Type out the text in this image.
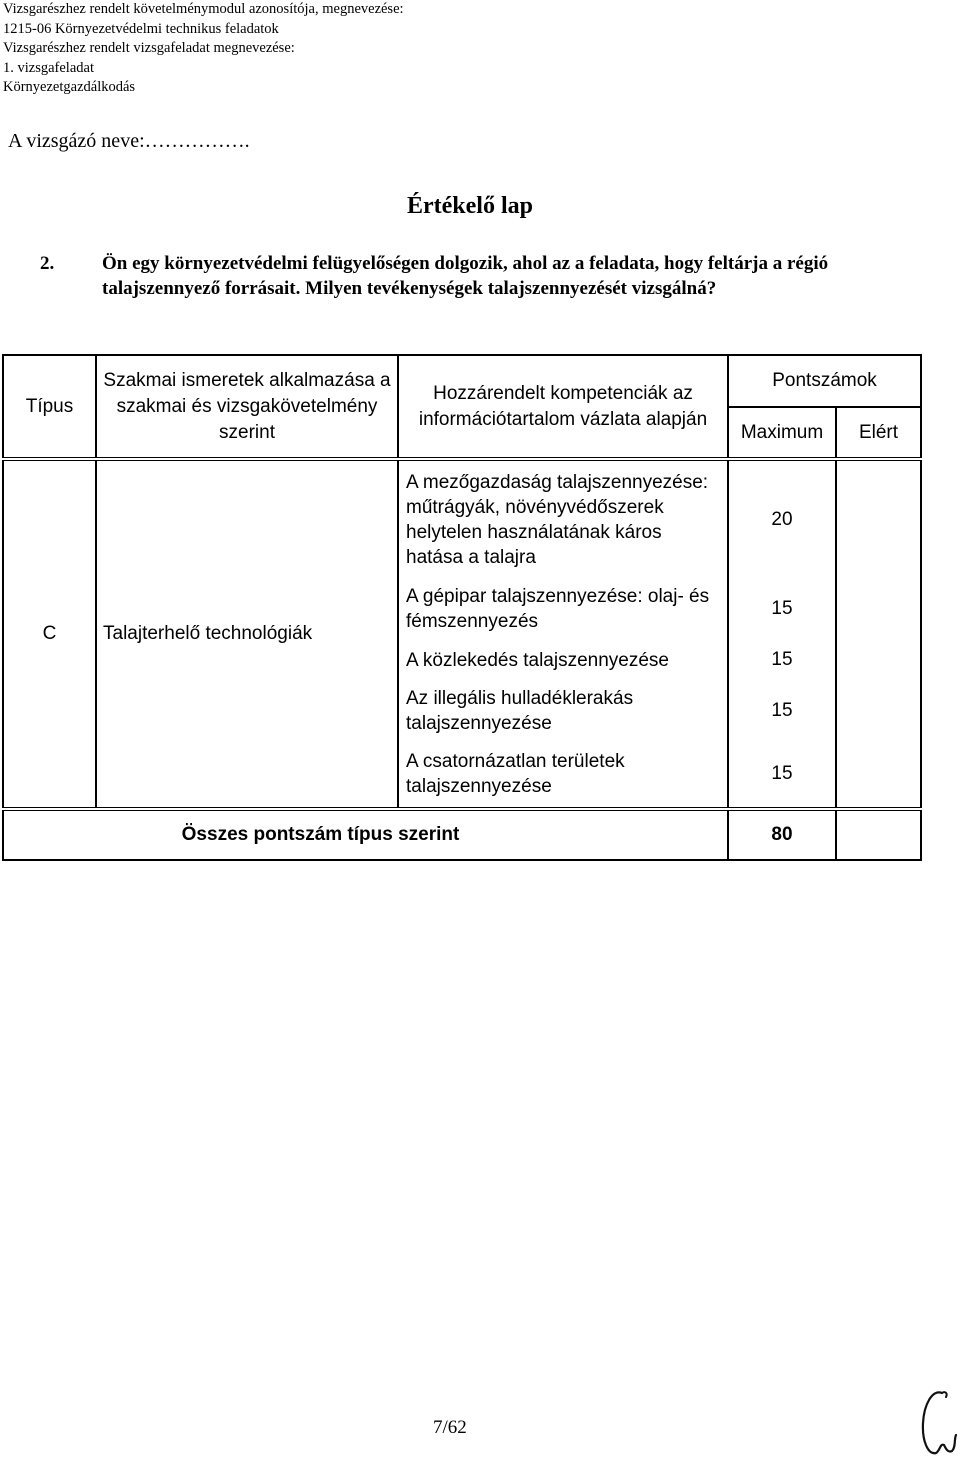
Vizsgarészhez rendelt követelménymodul azonosítója, megnevezése:
1215-06 Környezetvédelmi technikus feladatok
Vizsgarészhez rendelt vizsgafeladat megnevezése:
1. vizsgafeladat
Környezetgazdálkodás
A vizsgázó neve:…………….
Értékelő lap
2.	Ön egy környezetvédelmi felügyelőségen dolgozik, ahol az a feladata, hogy feltárja a régió talajszennyező forrásait. Milyen tevékenységek talajszennyezését vizsgálná?
Típus	Szakmai ismeretek alkalmazása a szakmai és vizsgakövetelmény szerint	Hozzárendelt kompetenciák az információtartalom vázlata alapján	Pontszámok	
			Maximum	Elért
C	Talajterhelő technológiák	A mezőgazdaság talajszennyezése: műtrágyák, növényvédőszerek helytelen használatának káros hatása a talajra	20	
		A gépipar talajszennyezése: olaj- és fémszennyezés	15	
		A közlekedés talajszennyezése	15	
		Az illegális hulladéklerakás talajszennyezése	15	
		A csatornázatlan területek talajszennyezése	15	
Összes pontszám típus szerint			80	
7/62
